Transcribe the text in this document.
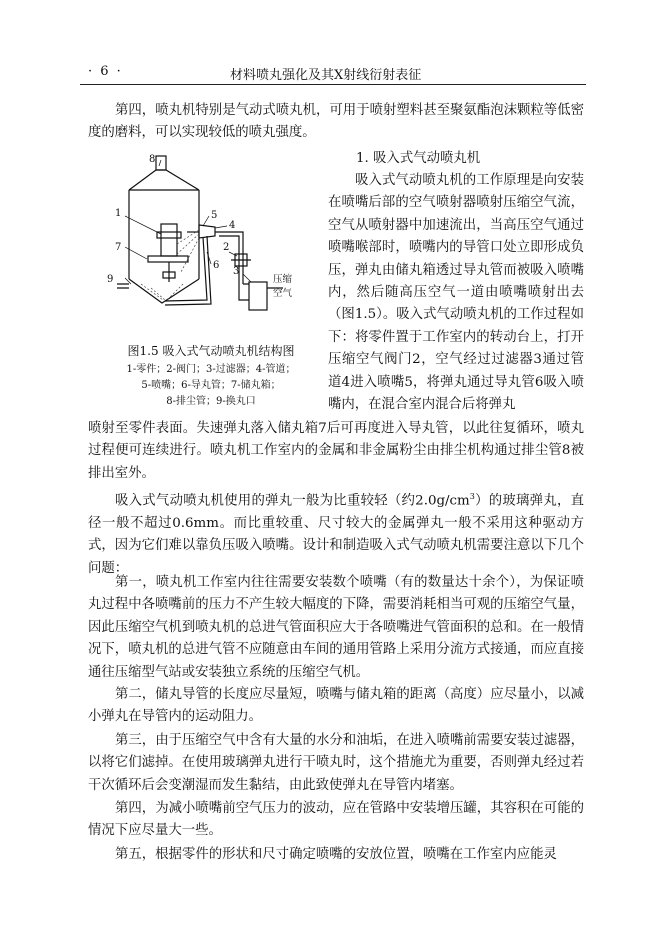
· 6 ·	材料喷丸强化及其X射线衍射表征

第四，喷丸机特别是气动式喷丸机，可用于喷射塑料甚至聚氨酯泡沫颗粒等低密度的磨料，可以实现较低的喷丸强度。

1. 吸入式气动喷丸机
1
7
9
8
5
4
2
3
6
压缩
空气
图1.5 吸入式气动喷丸机结构图
1-零件；2-阀门；3-过滤器；4-管道；
5-喷嘴；6-导丸管；7-储丸箱；
8-排尘管；9-换丸口

吸入式气动喷丸机的工作原理是向安装在喷嘴后部的空气喷射器喷射压缩空气流，空气从喷射器中加速流出，当高压空气通过喷嘴喉部时，喷嘴内的导管口处立即形成负压，弹丸由储丸箱透过导丸管而被吸入喷嘴内，然后随高压空气一道由喷嘴喷射出去（图1.5）。吸入式气动喷丸机的工作过程如下：将零件置于工作室内的转动台上，打开压缩空气阀门2，空气经过过滤器3通过管道4进入喷嘴5，将弹丸通过导丸管6吸入喷嘴内，在混合室内混合后将弹丸

喷射至零件表面。失速弹丸落入储丸箱7后可再度进入导丸管，以此往复循环，喷丸过程便可连续进行。喷丸机工作室内的金属和非金属粉尘由排尘机构通过排尘管8被排出室外。

吸入式气动喷丸机使用的弹丸一般为比重较轻（约$2.0g/cm^3$）的玻璃弹丸，直径一般不超过0.6mm。而比重较重、尺寸较大的金属弹丸一般不采用这种驱动方式，因为它们难以靠负压吸入喷嘴。设计和制造吸入式气动喷丸机需要注意以下几个问题：

第一，喷丸机工作室内往往需要安装数个喷嘴（有的数量达十余个），为保证喷丸过程中各喷嘴前的压力不产生较大幅度的下降，需要消耗相当可观的压缩空气量，因此压缩空气机到喷丸机的总进气管面积应大于各喷嘴进气管面积的总和。在一般情况下，喷丸机的总进气管不应随意由车间的通用管路上采用分流方式接通，而应直接通往压缩型气站或安装独立系统的压缩空气机。

第二，储丸导管的长度应尽量短，喷嘴与储丸箱的距离（高度）应尽量小，以减小弹丸在导管内的运动阻力。

第三，由于压缩空气中含有大量的水分和油垢，在进入喷嘴前需要安装过滤器，以将它们滤掉。在使用玻璃弹丸进行干喷丸时，这个措施尤为重要，否则弹丸经过若干次循环后会变潮湿而发生黏结，由此致使弹丸在导管内堵塞。

第四，为减小喷嘴前空气压力的波动，应在管路中安装增压罐，其容积在可能的情况下应尽量大一些。

第五，根据零件的形状和尺寸确定喷嘴的安放位置，喷嘴在工作室内应能灵
